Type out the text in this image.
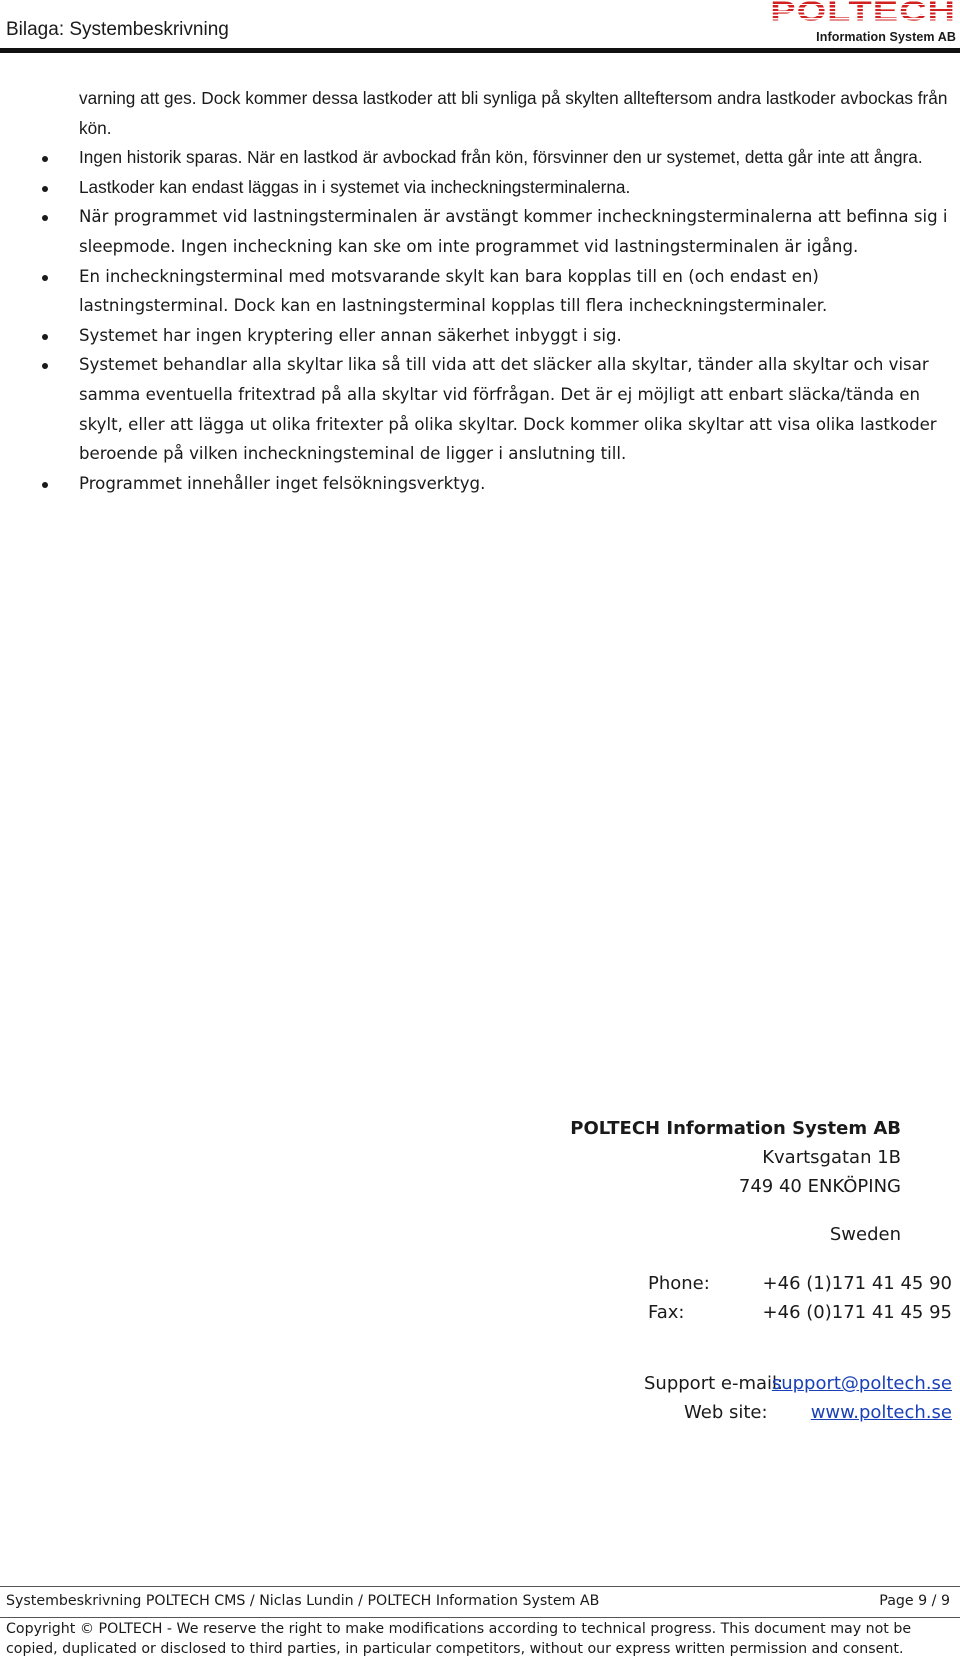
Bilaga: Systembeskrivning
POLTECH
Information System AB

varning att ges. Dock kommer dessa lastkoder att bli synliga på skylten allteftersom andra lastkoder avbockas från kön.

Ingen historik sparas. När en lastkod är avbockad från kön, försvinner den ur systemet, detta går inte att ångra.
Lastkoder kan endast läggas in i systemet via incheckningsterminalerna.
När programmet vid lastningsterminalen är avstängt kommer incheckningsterminalerna att befinna sig i sleepmode. Ingen incheckning kan ske om inte programmet vid lastningsterminalen är igång.
En incheckningsterminal med motsvarande skylt kan bara kopplas till en (och endast en) lastningsterminal. Dock kan en lastningsterminal kopplas till flera incheckningsterminaler.
Systemet har ingen kryptering eller annan säkerhet inbyggt i sig.
Systemet behandlar alla skyltar lika så till vida att det släcker alla skyltar, tänder alla skyltar och visar samma eventuella fritextrad på alla skyltar vid förfrågan. Det är ej möjligt att enbart släcka/tända en skylt, eller att lägga ut olika fritexter på olika skyltar. Dock kommer olika skyltar att visa olika lastkoder beroende på vilken incheckningsteminal de ligger i anslutning till.
Programmet innehåller inget felsökningsverktyg.
POLTECH Information System AB
Kvartsgatan 1B
749 40 ENKÖPING
Sweden
Phone:	+46 (1)171 41 45 90
Fax:	+46 (0)171 41 45 95
Support e-mail:
support@poltech.se
Web site: www.poltech.se
Systembeskrivning POLTECH CMS / Niclas Lundin / POLTECH Information System AB	Page 9 / 9
Copyright © POLTECH - We reserve the right to make modifications according to technical progress. This document may not be copied, duplicated or disclosed to third parties, in particular competitors, without our express written permission and consent.
